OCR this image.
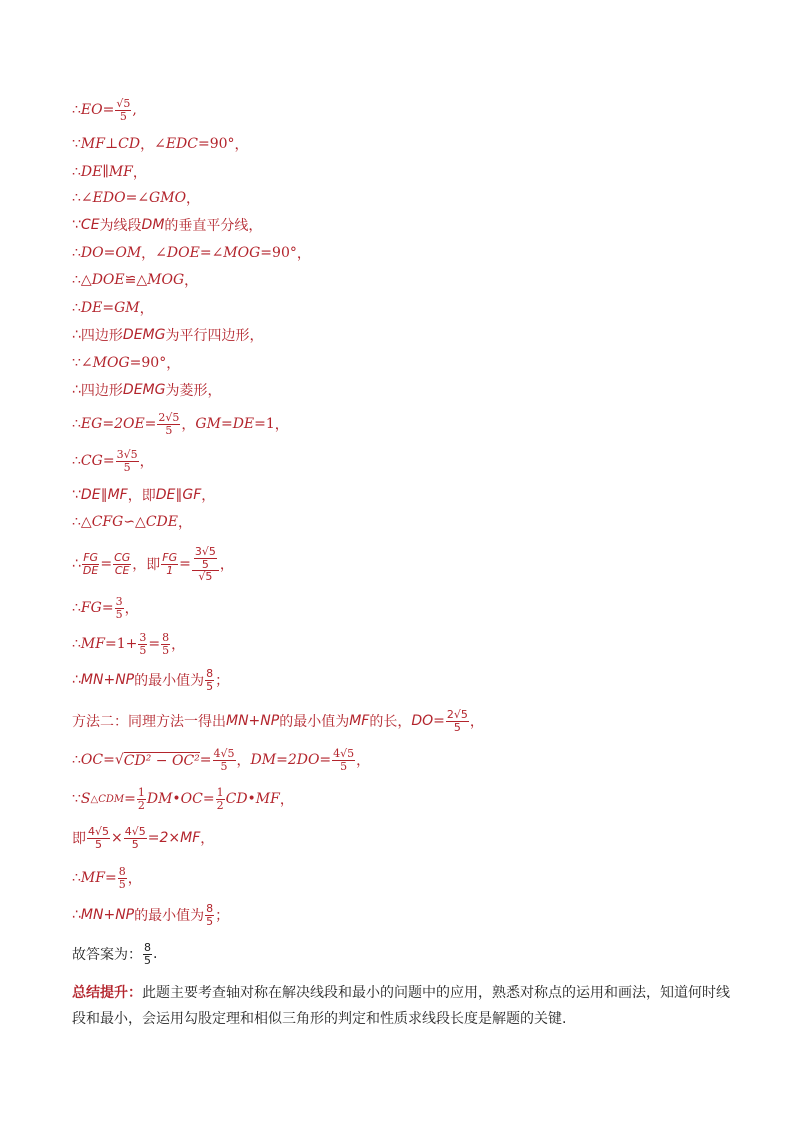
∴ EO = √ $\frac{5}{5}$ ,
∵ MF ⊥ CD ， ∠ EDC = 90° ，
∴ DE ∥ MF ，
∴ ∠ EDO = ∠ GMO ，
∵ CE 为线段 DM 的垂直平分线 ，
∴ DO = OM ， ∠ DOE = ∠ MOG = 90° ，
∴ △ DOE ≌ △ MOG ，
∴ DE = GM ，
∴ 四边形 DEMG 为平行四边形 ，
∵ ∠ MOG = 90° ，
∴ 四边形 DEMG 为菱形 ，
∴ EG = $2OE = \frac{2 √ 5}{5}$ ， GM = DE = 1 ，
∴ CG = $\frac{3 √ 5}{5}$ ，
∵ DE ∥ MF ， 即 DE ∥ GF ，
∴ △ CFG ∽ △ CDE ，
∴ $\frac{FG}{DE} = \frac{CG}{CE}$ ， 即 $\frac{FG}{1} = \frac{3 √ 5}{5}$
√ 5 ，
∴ FG = $\frac{3}{5}$ ，
∴ MF = $1+ \frac{3}{5} = \frac{8}{5}$ ，
∴ MN+NP 的最小值为 $\frac{8}{5}$ ；
方法二：同理方法一得出 MN+NP 的最小值为 MF 的长， DO = $\frac{2 √ 5}{5}$ ，
∴ OC = √ $CD^2 - OC^2 = \frac{4 √ 5}{5}$ ， DM = $2DO = \frac{4 √ 5}{5}$ ，
∵ S △CDM = $\frac{1}{2}$ DM•OC = $\frac{1}{2}$ CD•MF ，
即 $\frac{4 √ 5}{5} \times \frac{4 √ 5}{5} = 2\times MF$ ，
∴ MF = $\frac{8}{5}$ ，
∴ MN+NP 的最小值为 $\frac{8}{5}$ ；
故答案为： $\frac{8}{5}$ .
总结提升：此题主要考查轴对称在解决线段和最小的问题中的应用，熟悉对称点的运用和画法，知道何时线段和最小，会运用勾股定理和相似三角形的判定和性质求线段长度是解题的关键.
